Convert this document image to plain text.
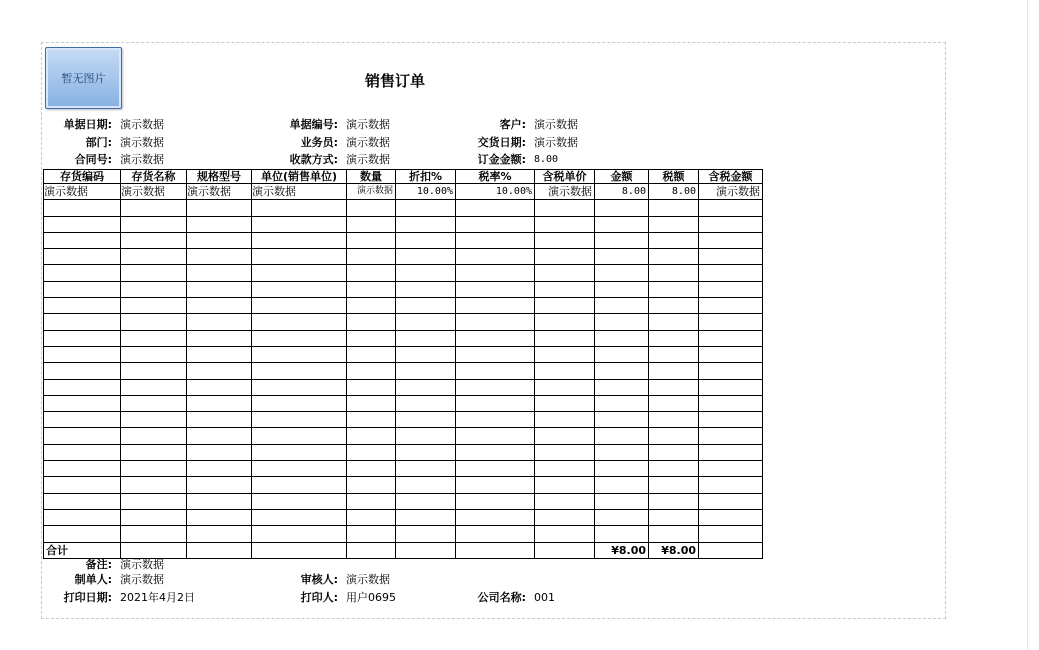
暂无图片	销售订单
单据日期: 演示数据	单据编号: 演示数据	客户: 演示数据
部门: 演示数据	业务员: 演示数据	交货日期: 演示数据
合同号: 演示数据	收款方式: 演示数据	订金金额: 8.00
存货编码	存货名称	规格型号	单位(销售单位)	数量	折扣%	税率%	含税单价	金额	税额	含税金额
演示数据	演示数据	演示数据	演示数据	演示数据	10.00%	10.00%	演示数据	8.00	8.00	演示数据

合计								¥8.00	¥8.00	
备注: 演示数据
制单人: 演示数据	审核人: 演示数据
打印日期: 2021年4月2日	打印人: 用户0695	公司名称: 001
